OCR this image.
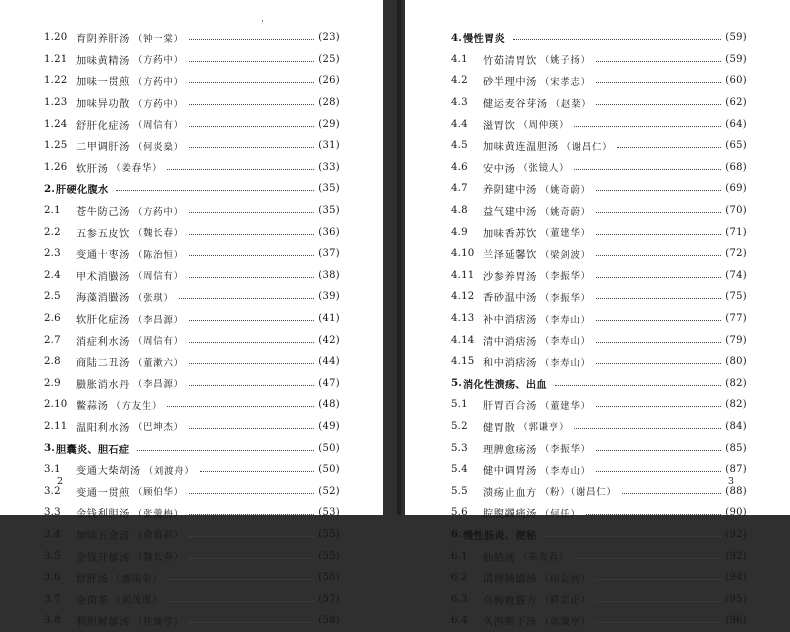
1.20 育阴养肝汤 （钟一棠）	(23)
1.21 加味黄精汤 （方药中）	(25)
1.22 加味一贯煎 （方药中）	(26)
1.23 加味异功散 （方药中）	(28)
1.24 舒肝化症汤 （周信有）	(29)
1.25 二甲调肝汤 （何炎燊）	(31)
1.26 软肝汤 （姜春华）	(33)
2. 肝硬化腹水	(35)
2.1	苍牛防己汤 （方药中）	(35)
2.2	五参五皮饮 （魏长春）	(36)
2.3	变通十枣汤 （陈治恒）	(37)
2.4	甲术消臌汤 （周信有）	(38)
2.5	海藻消臌汤 （张琪）	(39)
2.6	软肝化症汤 （李昌源）	(41)
2.7	消症利水汤 （周信有）	(42)
2.8	商陆二丑汤 （董漱六）	(44)
2.9	臌胀消水丹 （李昌源）	(47)
2.10 鳖蒜汤 （方友生）	(48)
2.11 温阳利水汤 （巴坤杰）	(49)
3. 胆囊炎、胆石症	(50)
3.1	变通大柴胡汤 （刘渡舟）	(50)
3.2	变通一贯煎 （顾伯华）	(52)
3.3	金钱利胆汤 （张羹梅）	(53)
3.4	加味五金汤 （俞慎初）	(55)
3.5	金钱开郁汤 （魏长春）	(55)
3.6	舒肝汤 （盛国荣）	(56)
3.7	金茵茶 （刘茂甫）	(57)
3.8	利胆解郁汤 （任继学）	(58)
4. 慢性胃炎	(59)
4.1	竹茹清胃饮 （姚子扬）	(59)
4.2	砂半理中汤 （宋孝志）	(60)
4.3	健运麦谷芽汤 （赵棻）	(62)
4.4	滋胃饮 （周仲瑛）	(64)
4.5	加味黄连温胆汤 （谢昌仁）	(65)
4.6	安中汤 （张镜人）	(68)
4.7	养阴建中汤 （姚奇蔚）	(69)
4.8	益气建中汤 （姚奇蔚）	(70)
4.9	加味香苏饮 （董建华）	(71)
4.10 兰泽延馨饮 （梁剑波）	(72)
4.11 沙参养胃汤 （李振华）	(74)
4.12 香砂温中汤 （李振华）	(75)
4.13 补中消痞汤 （李寿山）	(77)
4.14 清中消痞汤 （李寿山）	(79)
4.15 和中消痞汤 （李寿山）	(80)
5. 消化性溃疡、出血	(82)
5.1	肝胃百合汤 （董建华）	(82)
5.2	健胃散 （郭谦亨）	(84)
5.3	理脾愈疡汤 （李振华）	(85)
5.4	健中调胃汤 （李寿山）	(87)
5.5	溃疡止血方 （粉）（谢昌仁）	(88)
5.6	脘腹蠲痛汤 （何任）	(90)
6. 慢性肠炎、便秘	(92)
6.1	仙桔汤 （朱良春）	(92)
6.2	清理肠道汤 （印会河）	(94)
6.3	乌梅败酱方 （路志正）	(95)
6.4	久泻断下汤 （郭谦亨）	(96)
2	3
